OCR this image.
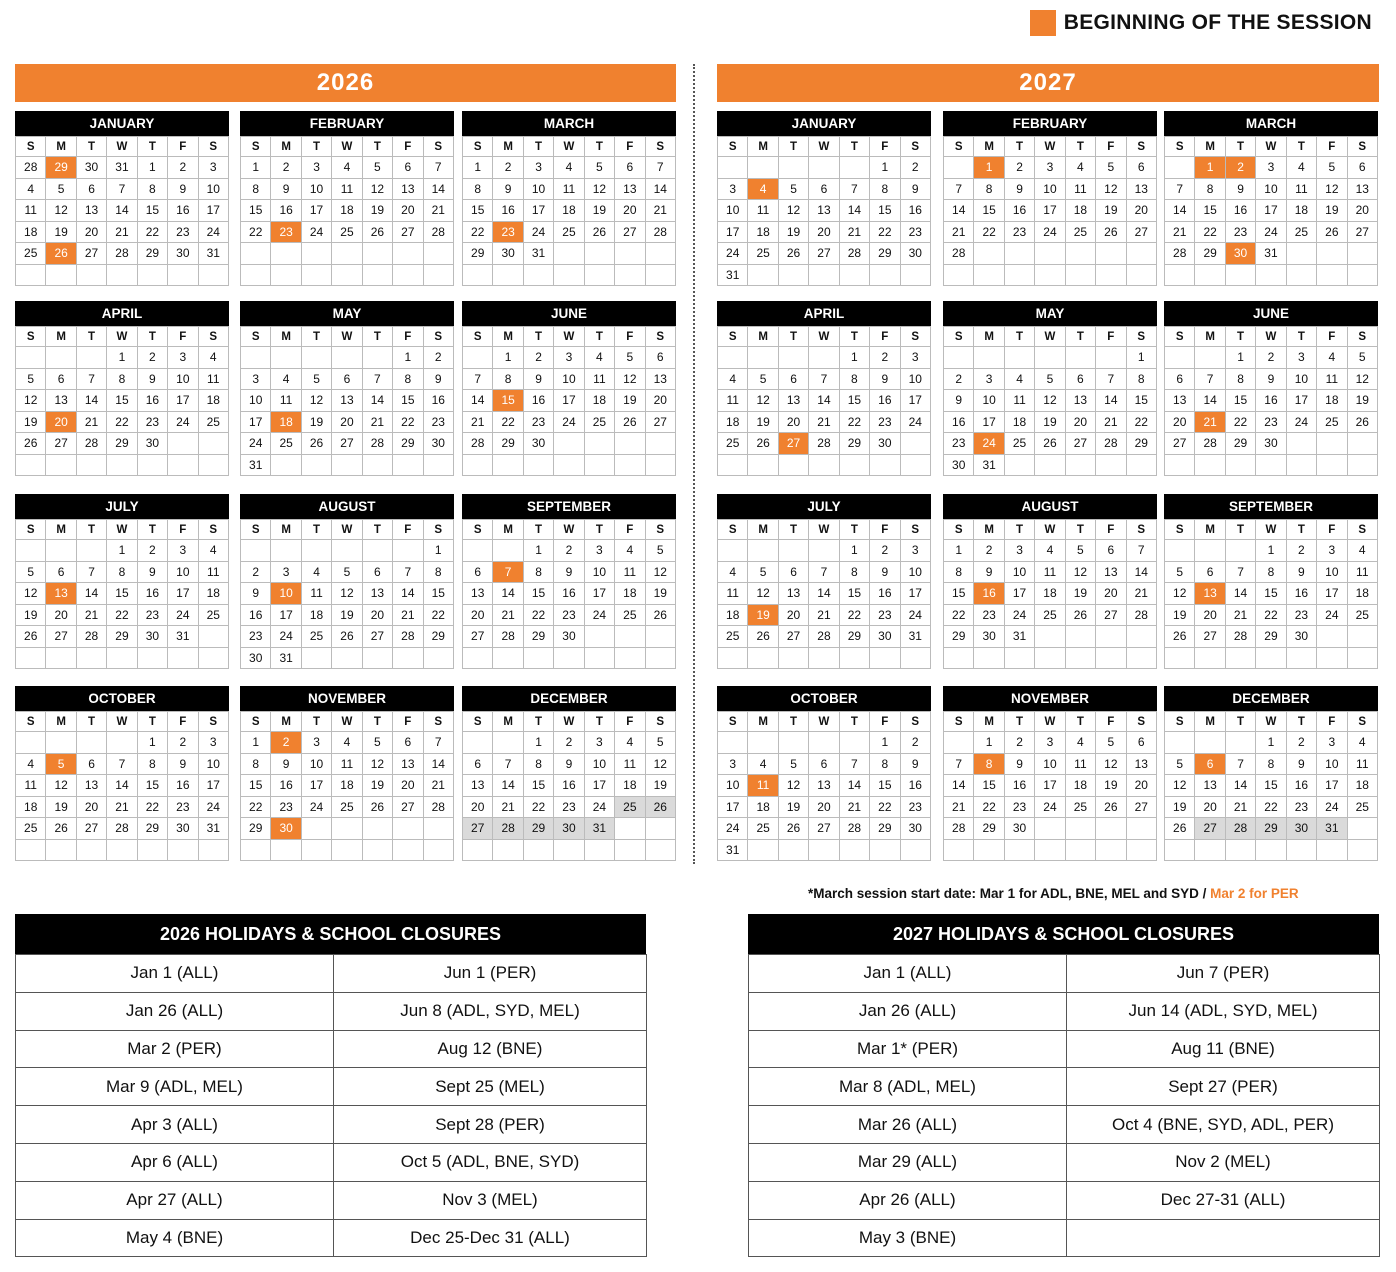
BEGINNING OF THE SESSION
2026	2027
JANUARY
S	M	T	W	T	F	S
28	29	30	31	1	2	3
4	5	6	7	8	9	10
11	12	13	14	15	16	17
18	19	20	21	22	23	24
25	26	27	28	29	30	31

FEBRUARY
S	M	T	W	T	F	S
1	2	3	4	5	6	7
8	9	10	11	12	13	14
15	16	17	18	19	20	21
22	23	24	25	26	27	28

MARCH
S	M	T	W	T	F	S
1	2	3	4	5	6	7
8	9	10	11	12	13	14
15	16	17	18	19	20	21
22	23	24	25	26	27	28
29	30	31				

APRIL
S	M	T	W	T	F	S
			1	2	3	4
5	6	7	8	9	10	11
12	13	14	15	16	17	18
19	20	21	22	23	24	25
26	27	28	29	30		

MAY
S	M	T	W	T	F	S
					1	2
3	4	5	6	7	8	9
10	11	12	13	14	15	16
17	18	19	20	21	22	23
24	25	26	27	28	29	30
31						
JUNE
S	M	T	W	T	F	S
	1	2	3	4	5	6
7	8	9	10	11	12	13
14	15	16	17	18	19	20
21	22	23	24	25	26	27
28	29	30				

JULY
S	M	T	W	T	F	S
			1	2	3	4
5	6	7	8	9	10	11
12	13	14	15	16	17	18
19	20	21	22	23	24	25
26	27	28	29	30	31	

AUGUST
S	M	T	W	T	F	S
						1
2	3	4	5	6	7	8
9	10	11	12	13	14	15
16	17	18	19	20	21	22
23	24	25	26	27	28	29
30	31					
SEPTEMBER
S	M	T	W	T	F	S
		1	2	3	4	5
6	7	8	9	10	11	12
13	14	15	16	17	18	19
20	21	22	23	24	25	26
27	28	29	30			

OCTOBER
S	M	T	W	T	F	S
				1	2	3
4	5	6	7	8	9	10
11	12	13	14	15	16	17
18	19	20	21	22	23	24
25	26	27	28	29	30	31

NOVEMBER
S	M	T	W	T	F	S
1	2	3	4	5	6	7
8	9	10	11	12	13	14
15	16	17	18	19	20	21
22	23	24	25	26	27	28
29	30					

DECEMBER
S	M	T	W	T	F	S
		1	2	3	4	5
6	7	8	9	10	11	12
13	14	15	16	17	18	19
20	21	22	23	24	25	26
27	28	29	30	31		

JANUARY
S	M	T	W	T	F	S
					1	2
3	4	5	6	7	8	9
10	11	12	13	14	15	16
17	18	19	20	21	22	23
24	25	26	27	28	29	30
31						
FEBRUARY
S	M	T	W	T	F	S
	1	2	3	4	5	6
7	8	9	10	11	12	13
14	15	16	17	18	19	20
21	22	23	24	25	26	27
28						

MARCH
S	M	T	W	T	F	S
	1	2	3	4	5	6
7	8	9	10	11	12	13
14	15	16	17	18	19	20
21	22	23	24	25	26	27
28	29	30	31			

APRIL
S	M	T	W	T	F	S
				1	2	3
4	5	6	7	8	9	10
11	12	13	14	15	16	17
18	19	20	21	22	23	24
25	26	27	28	29	30	

MAY
S	M	T	W	T	F	S
						1
2	3	4	5	6	7	8
9	10	11	12	13	14	15
16	17	18	19	20	21	22
23	24	25	26	27	28	29
30	31					
JUNE
S	M	T	W	T	F	S
		1	2	3	4	5
6	7	8	9	10	11	12
13	14	15	16	17	18	19
20	21	22	23	24	25	26
27	28	29	30			

JULY
S	M	T	W	T	F	S
				1	2	3
4	5	6	7	8	9	10
11	12	13	14	15	16	17
18	19	20	21	22	23	24
25	26	27	28	29	30	31

AUGUST
S	M	T	W	T	F	S
1	2	3	4	5	6	7
8	9	10	11	12	13	14
15	16	17	18	19	20	21
22	23	24	25	26	27	28
29	30	31				

SEPTEMBER
S	M	T	W	T	F	S
			1	2	3	4
5	6	7	8	9	10	11
12	13	14	15	16	17	18
19	20	21	22	23	24	25
26	27	28	29	30		

OCTOBER
S	M	T	W	T	F	S
					1	2
3	4	5	6	7	8	9
10	11	12	13	14	15	16
17	18	19	20	21	22	23
24	25	26	27	28	29	30
31						
NOVEMBER
S	M	T	W	T	F	S
	1	2	3	4	5	6
7	8	9	10	11	12	13
14	15	16	17	18	19	20
21	22	23	24	25	26	27
28	29	30				

DECEMBER
S	M	T	W	T	F	S
			1	2	3	4
5	6	7	8	9	10	11
12	13	14	15	16	17	18
19	20	21	22	23	24	25
26	27	28	29	30	31	

*March session start date: Mar 1 for ADL, BNE, MEL and SYD / Mar 2 for PER
2026 HOLIDAYS & SCHOOL CLOSURES
Jan 1 (ALL)	Jun 1 (PER)
Jan 26 (ALL)	Jun 8 (ADL, SYD, MEL)
Mar 2 (PER)	Aug 12 (BNE)
Mar 9 (ADL, MEL)	Sept 25 (MEL)
Apr 3 (ALL)	Sept 28 (PER)
Apr 6 (ALL)	Oct 5 (ADL, BNE, SYD)
Apr 27 (ALL)	Nov 3 (MEL)
May 4 (BNE)	Dec 25-Dec 31 (ALL)
2027 HOLIDAYS & SCHOOL CLOSURES
Jan 1 (ALL)	Jun 7 (PER)
Jan 26 (ALL)	Jun 14 (ADL, SYD, MEL)
Mar 1* (PER)	Aug 11 (BNE)
Mar 8 (ADL, MEL)	Sept 27 (PER)
Mar 26 (ALL)	Oct 4 (BNE, SYD, ADL, PER)
Mar 29 (ALL)	Nov 2 (MEL)
Apr 26 (ALL)	Dec 27-31 (ALL)
May 3 (BNE)	
